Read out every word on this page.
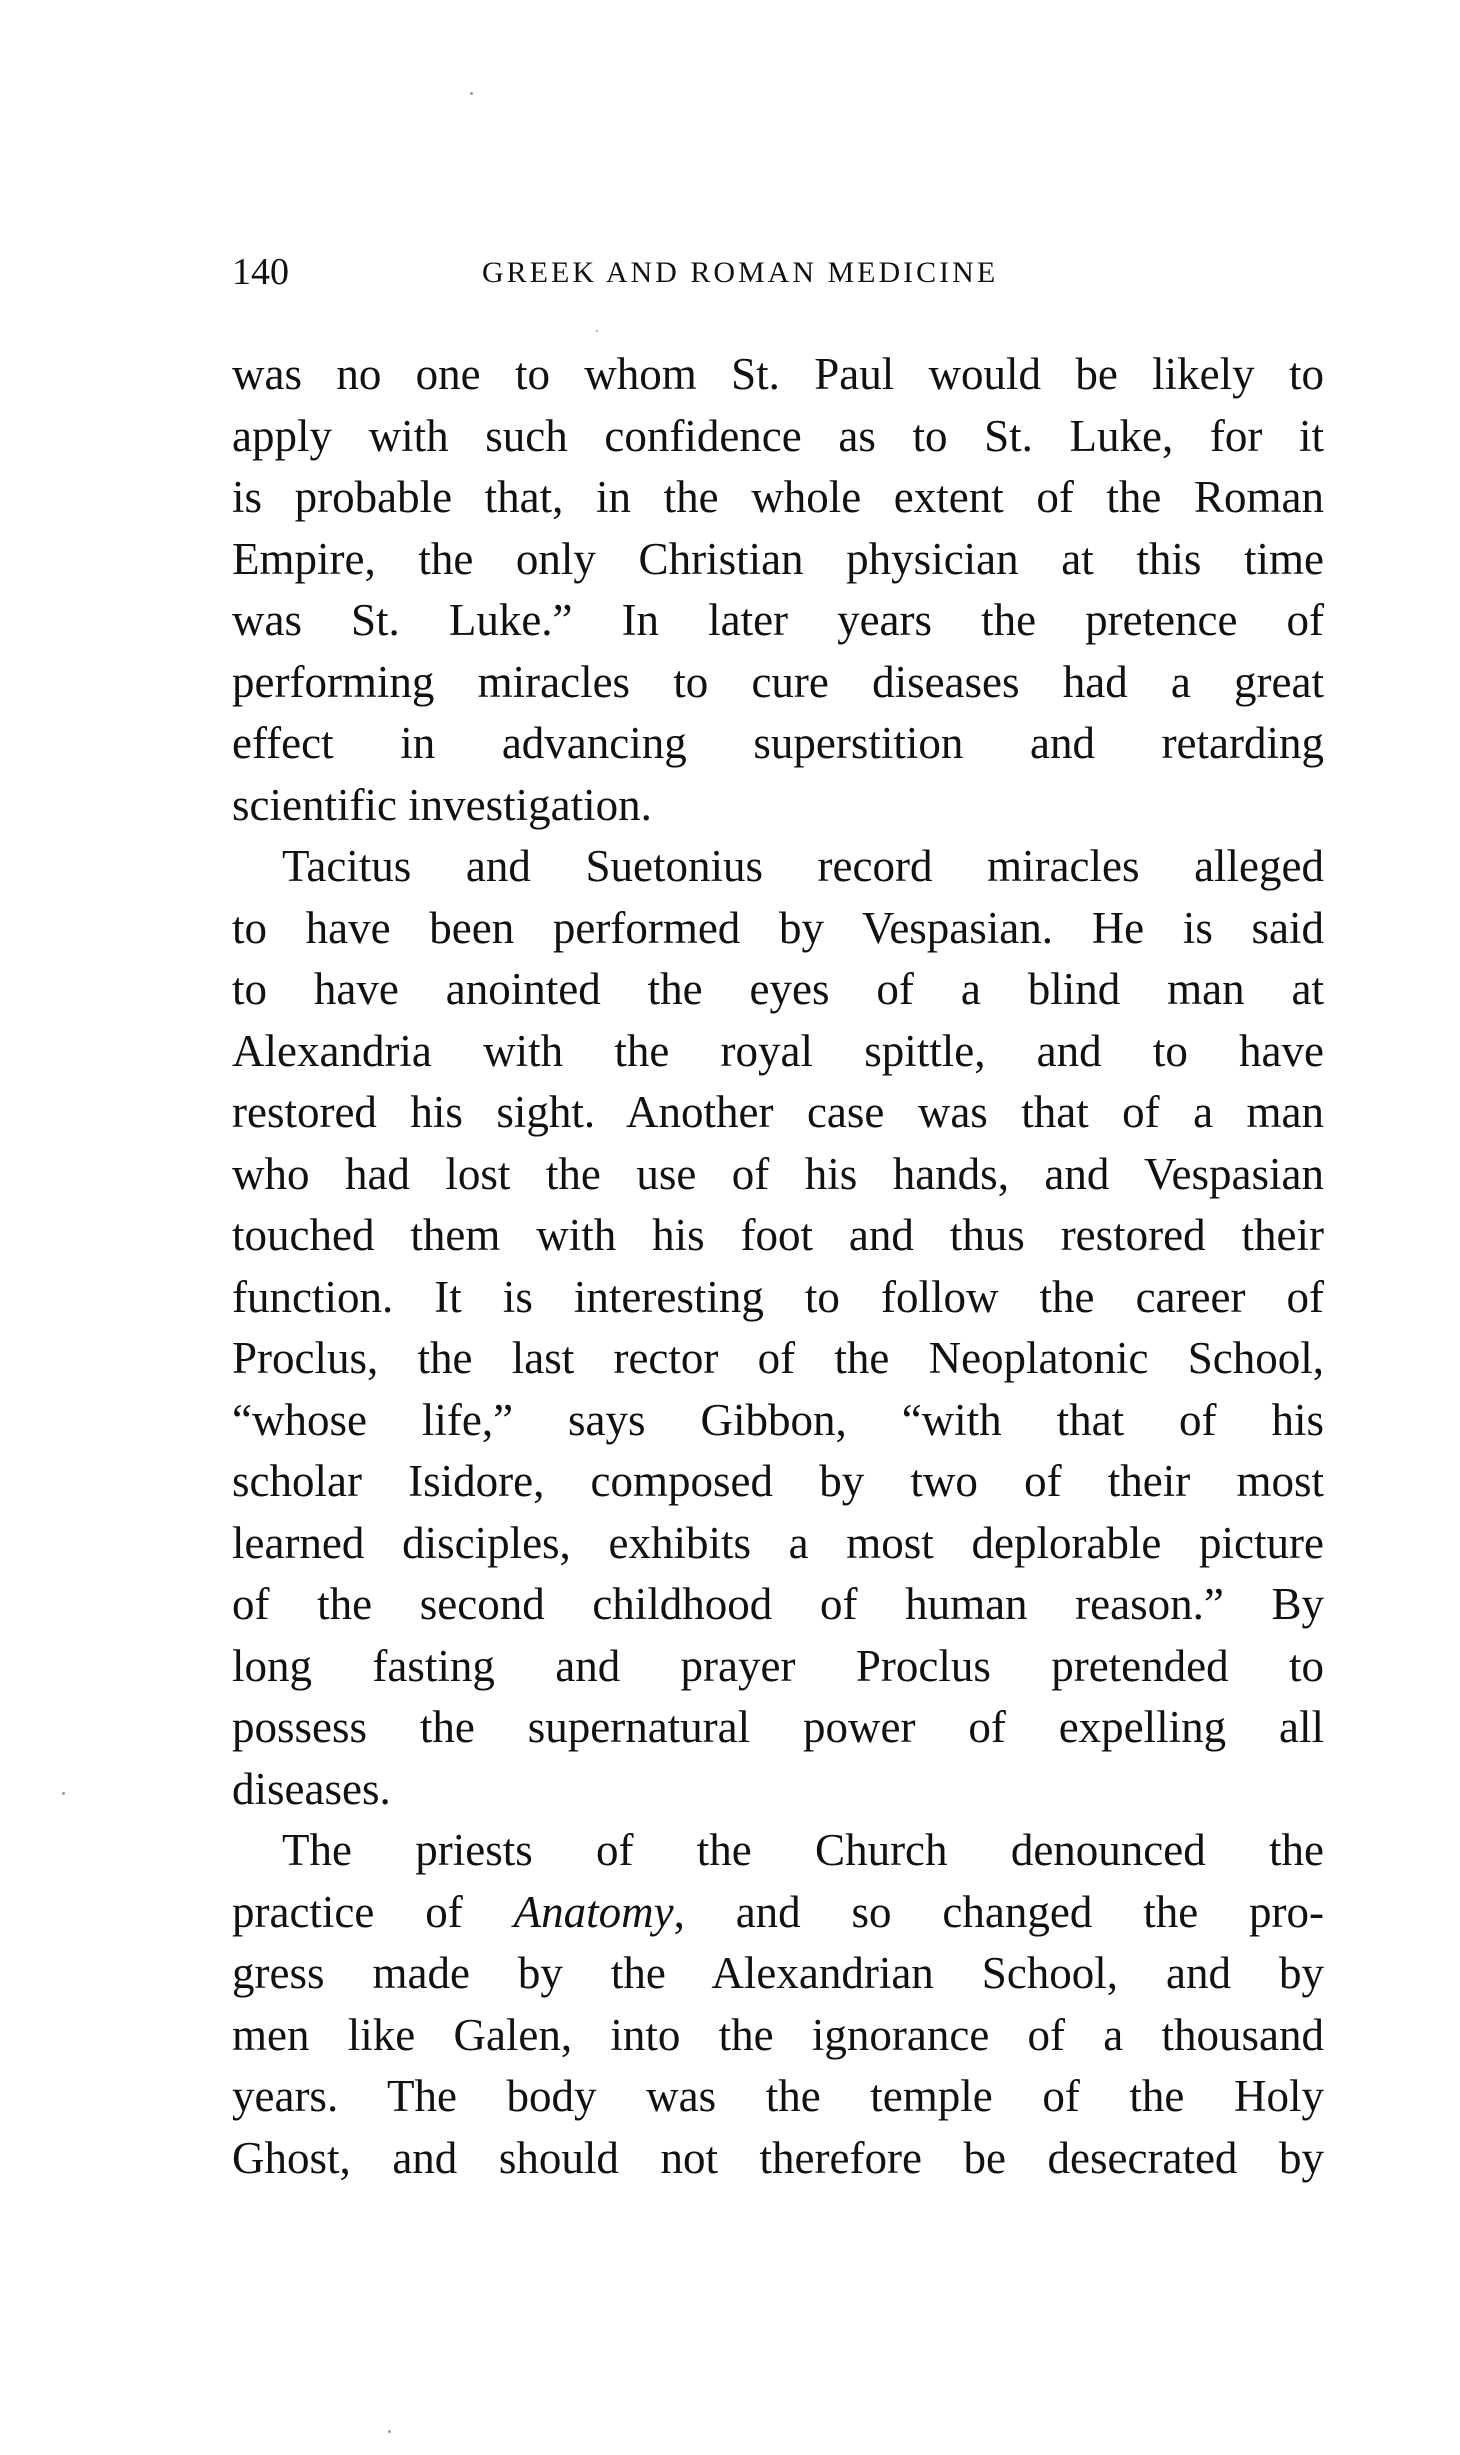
140	GREEK AND ROMAN MEDICINE
was no one to whom St. Paul would be likely to
apply with such confidence as to St. Luke, for it
is probable that, in the whole extent of the Roman
Empire, the only Christian physician at this time
was St. Luke.” In later years the pretence of
performing miracles to cure diseases had a great
effect in advancing superstition and retarding
scientific investigation.
Tacitus and Suetonius record miracles alleged
to have been performed by Vespasian. He is said
to have anointed the eyes of a blind man at
Alexandria with the royal spittle, and to have
restored his sight. Another case was that of a man
who had lost the use of his hands, and Vespasian
touched them with his foot and thus restored their
function. It is interesting to follow the career of
Proclus, the last rector of the Neoplatonic School,
“whose life,” says Gibbon, “with that of his
scholar Isidore, composed by two of their most
learned disciples, exhibits a most deplorable picture
of the second childhood of human reason.” By
long fasting and prayer Proclus pretended to
possess the supernatural power of expelling all
diseases.
The priests of the Church denounced the
practice of Anatomy, and so changed the pro-
gress made by the Alexandrian School, and by
men like Galen, into the ignorance of a thousand
years. The body was the temple of the Holy
Ghost, and should not therefore be desecrated by
